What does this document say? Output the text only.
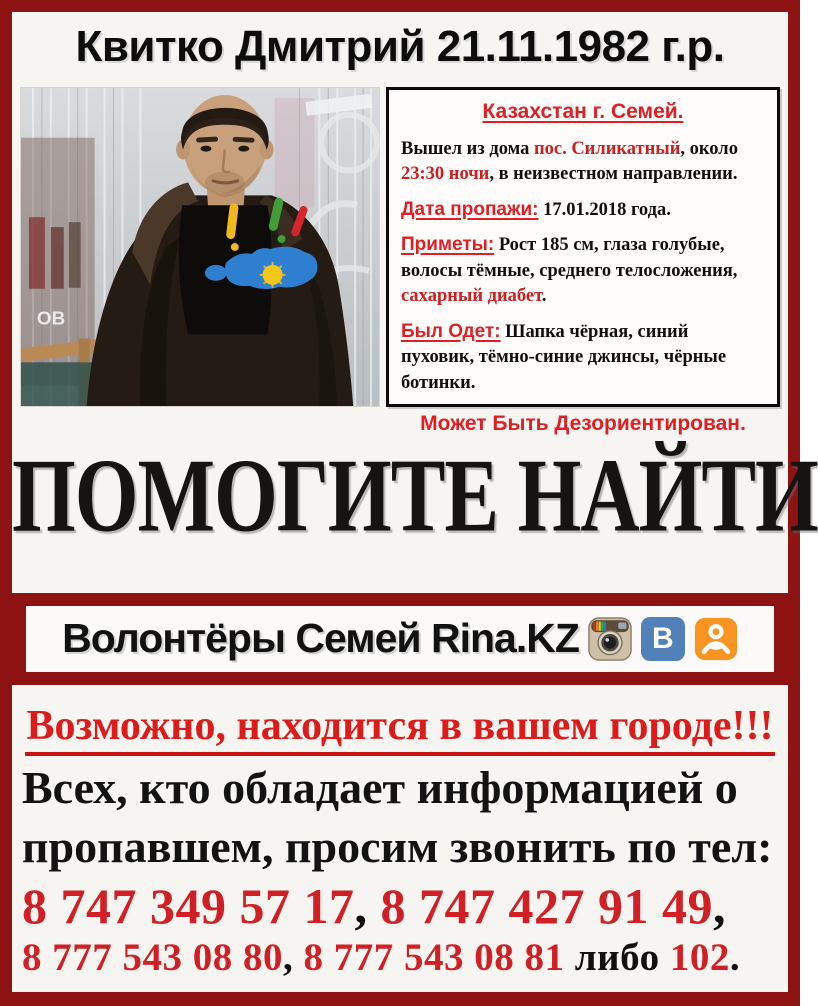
Квитко Дмитрий 21.11.1982 г.р.
ОВ
Казахстан г. Семей.

Вышел из дома пос. Силикатный, около 23:30 ночи, в неизвестном направлении.

Дата пропажи: 17.01.2018 года.

Приметы: Рост 185 см, глаза голубые, волосы тёмные, среднего телосложения, сахарный диабет.

Был Одет: Шапка чёрная, синий пуховик, тёмно-синие джинсы, чёрные ботинки.

Может Быть Дезориентирован.
ПОМОГИТЕ НАЙТИ
Волонтёры Семей Rina.KZ В
Возможно, находится в вашем городе!!!
Всех, кто обладает информацией о
пропавшем, просим звонить по тел:
8 747 349 57 17, 8 747 427 91 49,
8 777 543 08 80, 8 777 543 08 81 либо 102.
